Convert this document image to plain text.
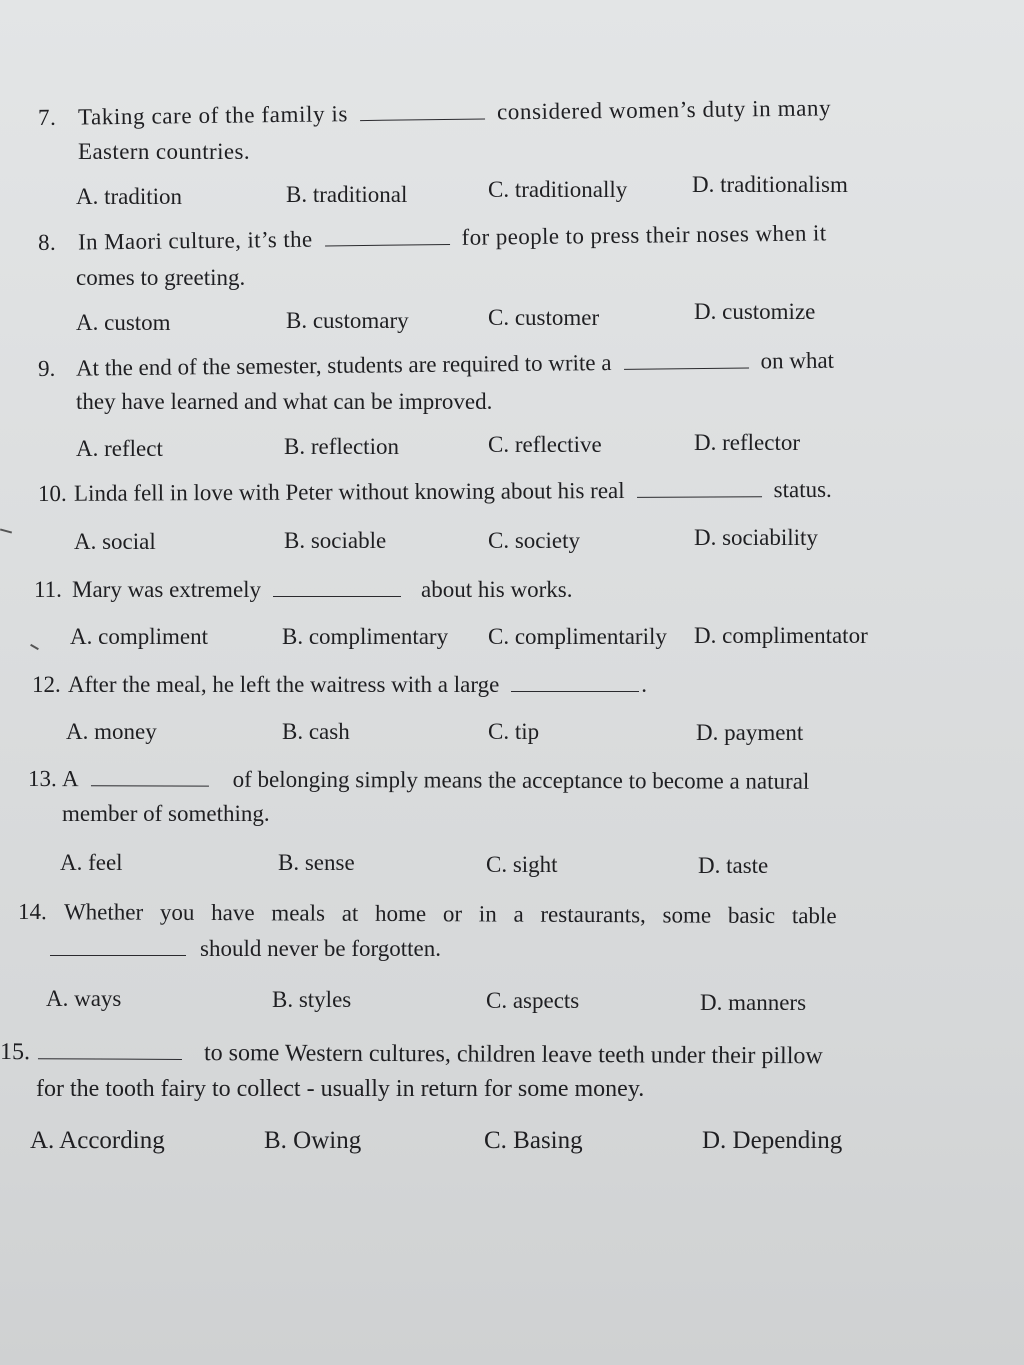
7. Taking care of the family is	considered women’s duty in many
Eastern countries.
A. tradition	B. traditional	C. traditionally	D. traditionalism
8. In Maori culture, it’s the	for people to press their noses when it
comes to greeting.
A. custom	B. customary	C. customer	D. customize
9. At the end of the semester, students are required to write a	on what
they have learned and what can be improved.
A. reflect	B. reflection	C. reflective	D. reflector
10. Linda fell in love with Peter without knowing about his real	status.
A. social	B. sociable	C. society	D. sociability
11. Mary was extremely	about his works.
A. compliment	B. complimentary C. complimentarily D. complimentator
12. After the meal, he left the waitress with a large	.
A. money	B. cash	C. tip	D. payment
13. A	of belonging simply means the acceptance to become a natural
member of something.
A. feel	B. sense	C. sight	D. taste
14. Whether you have meals at home or in a restaurants, some basic table
should never be forgotten.
A. ways	B. styles	C. aspects	D. manners
15.	to some Western cultures, children leave teeth under their pillow
for the tooth fairy to collect - usually in return for some money.
A. According	B. Owing	C. Basing	D. Depending
